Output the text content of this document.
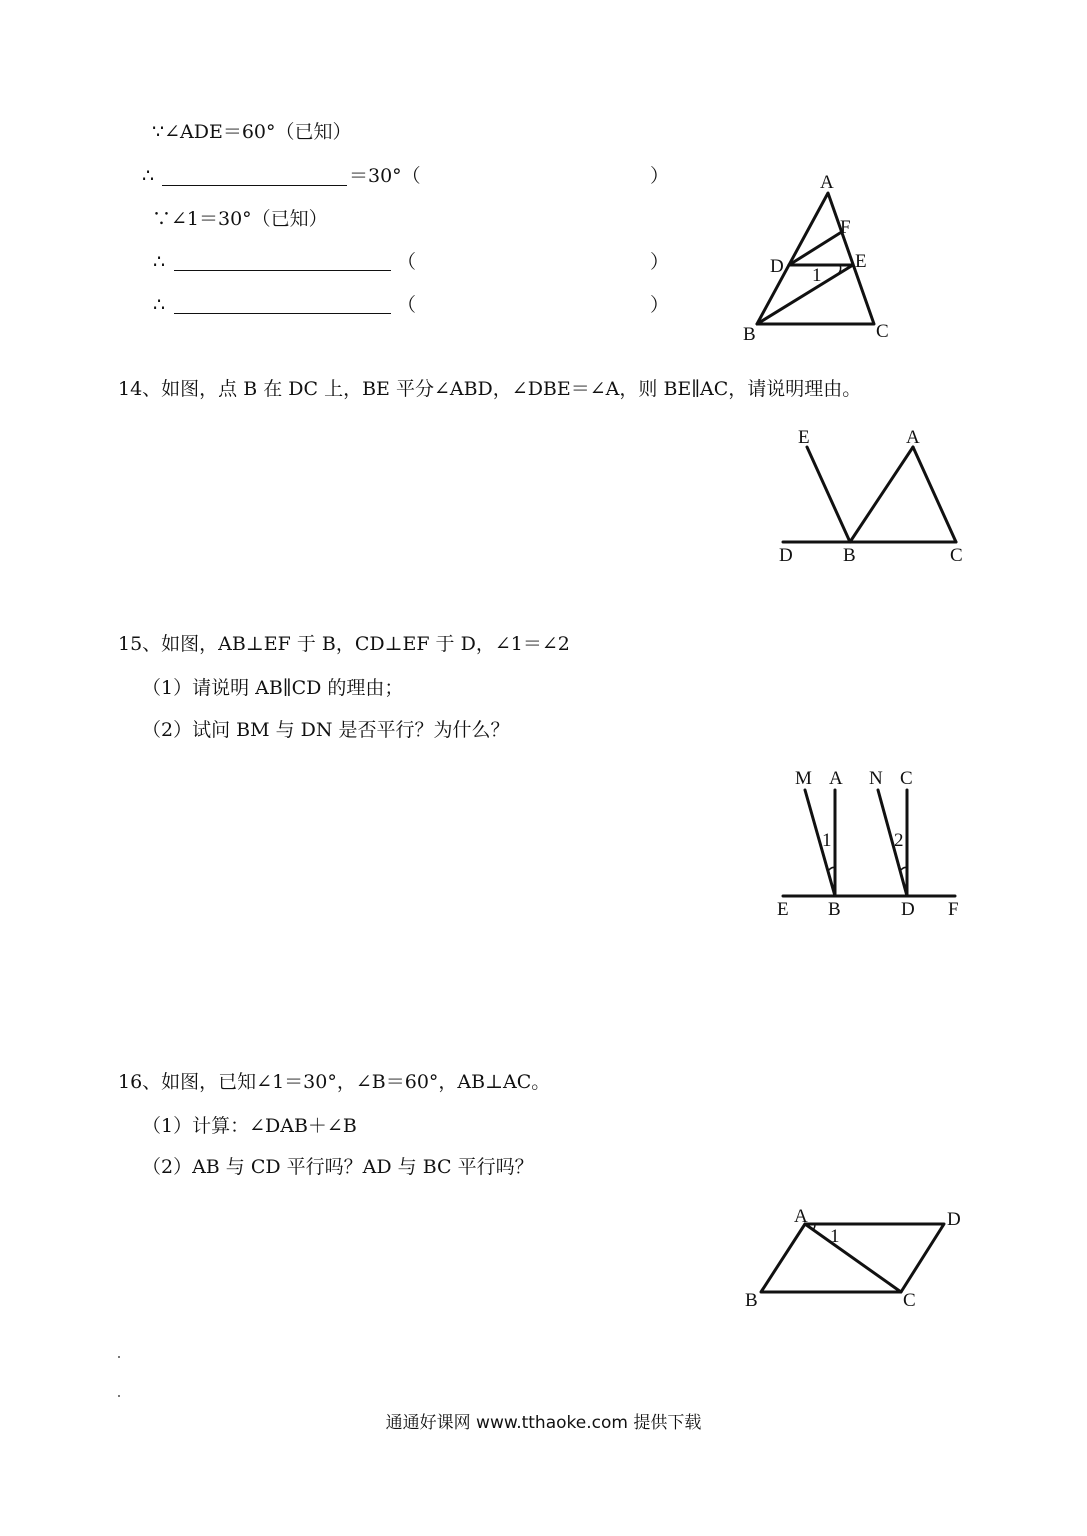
∵∠ADE＝60°（已知）
∴	＝30°（	）
∵∠1＝30°（已知）
∴	（	）
∴	（	）
A
F
D	E
B	C
1
14、如图，点 B 在 DC 上，BE 平分∠ABD，∠DBE＝∠A，则 BE∥AC，请说明理由。
E	A
D	B	C
15、如图，AB⊥EF 于 B，CD⊥EF 于 D，∠1＝∠2
（1）请说明 AB∥CD 的理由；
（2）试问 BM 与 DN 是否平行？为什么？
M A N C
1	2
E B	D F
16、如图，已知∠1＝30°，∠B＝60°，AB⊥AC。
（1）计算：∠DAB＋∠B
（2）AB 与 CD 平行吗？AD 与 BC 平行吗？
A	D
B	C
1
通通好课网 www.tthaoke.com 提供下载
